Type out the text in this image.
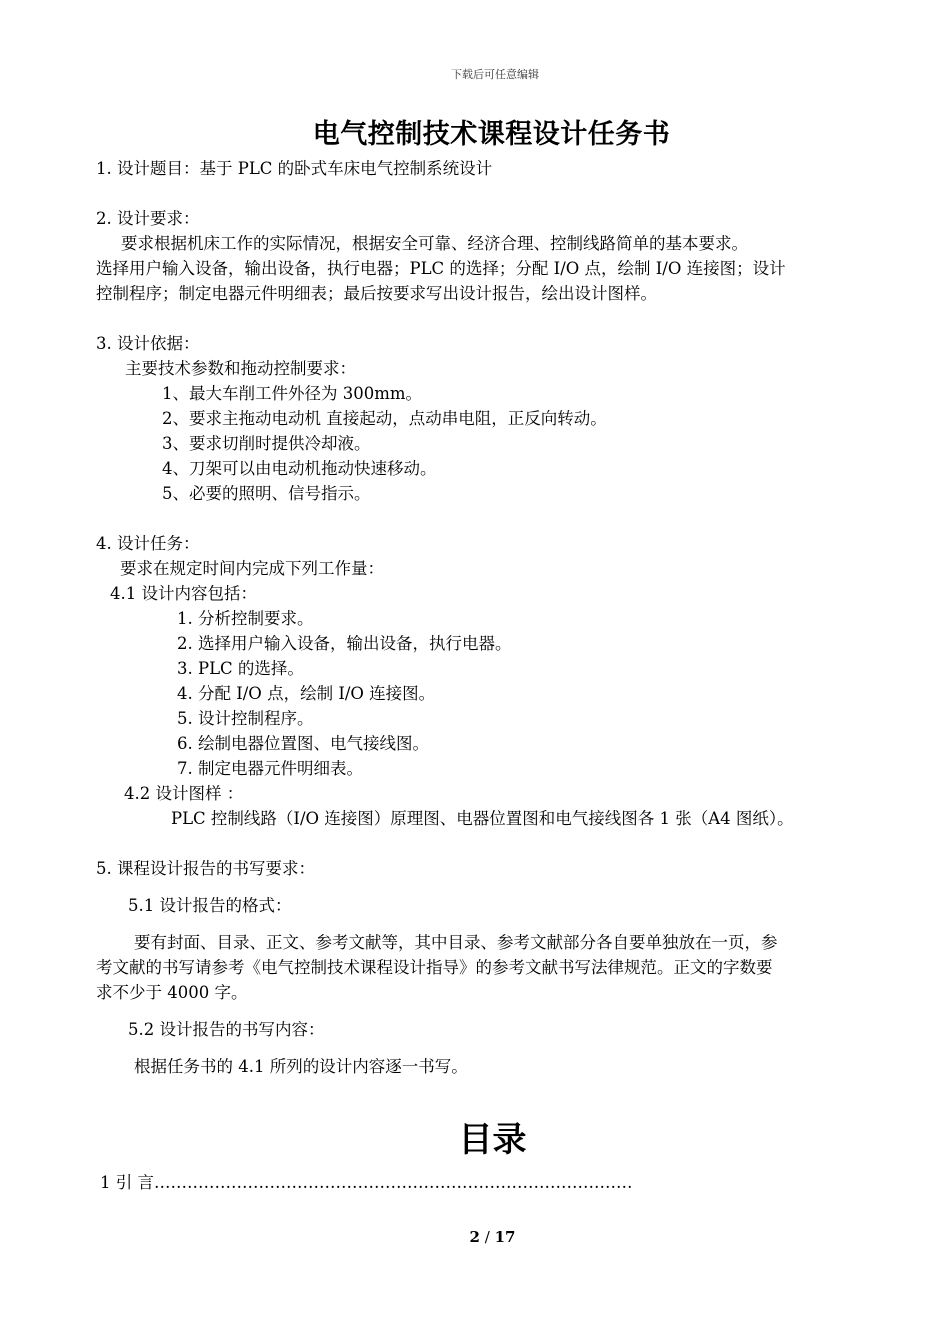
下载后可任意编辑
电气控制技术课程设计任务书
1. 设计题目：基于 PLC 的卧式车床电气控制系统设计
2. 设计要求：
要求根据机床工作的实际情况，根据安全可靠、经济合理、控制线路简单的基本要求。
选择用户输入设备，输出设备，执行电器；PLC 的选择；分配 I/O 点，绘制 I/O 连接图；设计
控制程序；制定电器元件明细表；最后按要求写出设计报告，绘出设计图样。
3. 设计依据：
主要技术参数和拖动控制要求：
1、最大车削工件外径为 300mm。
2、要求主拖动电动机 直接起动，点动串电阻，正反向转动。
3、要求切削时提供冷却液。
4、刀架可以由电动机拖动快速移动。
5、必要的照明、信号指示。
4. 设计任务：
要求在规定时间内完成下列工作量：
4.1 设计内容包括：
1. 分析控制要求。
2. 选择用户输入设备，输出设备，执行电器。
3. PLC 的选择。
4. 分配 I/O 点，绘制 I/O 连接图。
5. 设计控制程序。
6. 绘制电器位置图、电气接线图。
7. 制定电器元件明细表。
4.2 设计图样 ：
PLC 控制线路（I/O 连接图）原理图、电器位置图和电气接线图各 1 张（A4 图纸）。
5. 课程设计报告的书写要求：
5.1 设计报告的格式：
要有封面、目录、正文、参考文献等，其中目录、参考文献部分各自要单独放在一页，参
考文献的书写请参考《电气控制技术课程设计指导》的参考文献书写法律规范。正文的字数要
求不少于 4000 字。
5.2 设计报告的书写内容：
根据任务书的 4.1 所列的设计内容逐一书写。
目录
1 引 言……………………………………………………………………………
2 / 17
